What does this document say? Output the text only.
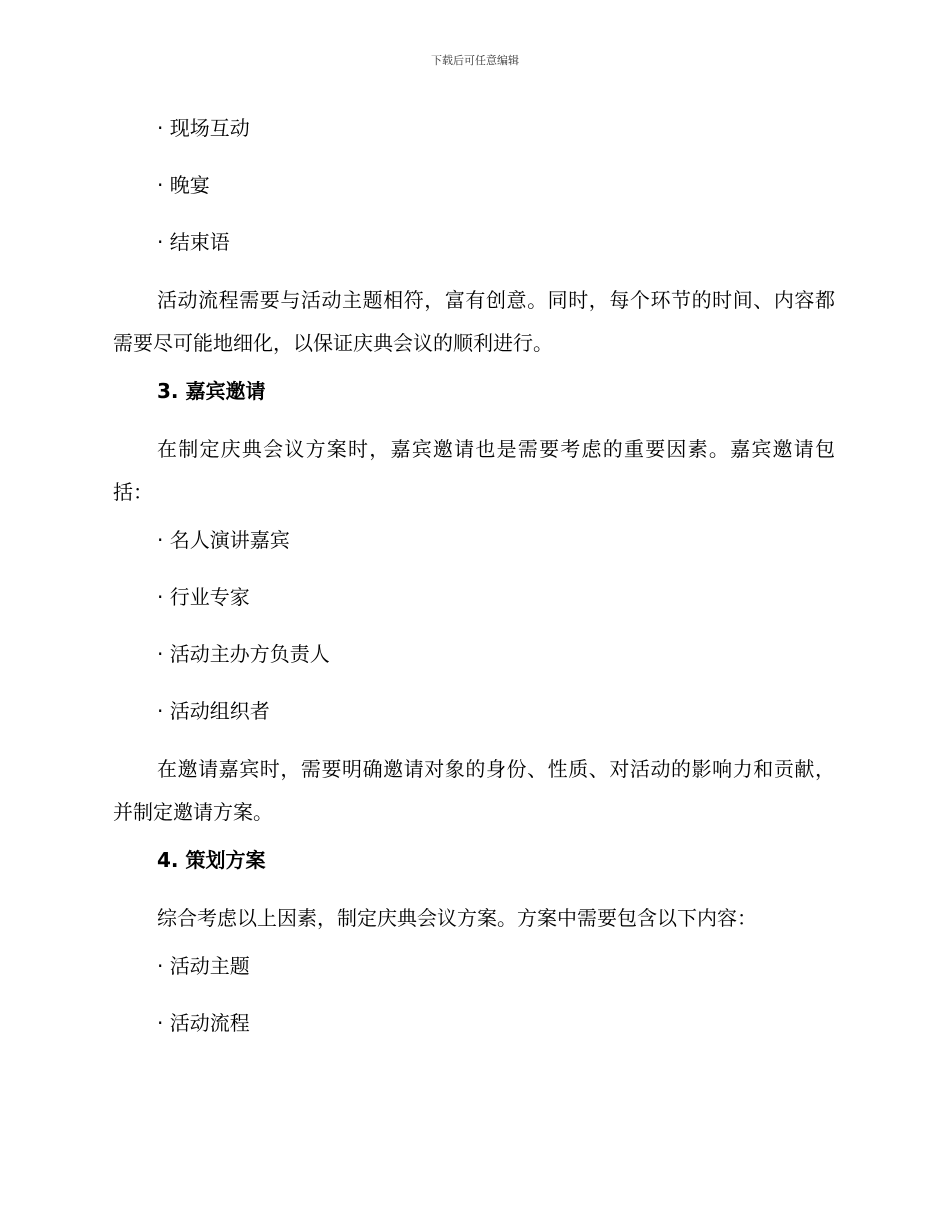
下载后可任意编辑
· 现场互动
· 晚宴
· 结束语

活动流程需要与活动主题相符，富有创意。同时，每个环节的时间、内容都需要尽可能地细化，以保证庆典会议的顺利进行。

3. 嘉宾邀请

在制定庆典会议方案时，嘉宾邀请也是需要考虑的重要因素。嘉宾邀请包括：

· 名人演讲嘉宾
· 行业专家
· 活动主办方负责人
· 活动组织者

在邀请嘉宾时，需要明确邀请对象的身份、性质、对活动的影响力和贡献，并制定邀请方案。

4. 策划方案

综合考虑以上因素，制定庆典会议方案。方案中需要包含以下内容：

· 活动主题
· 活动流程
